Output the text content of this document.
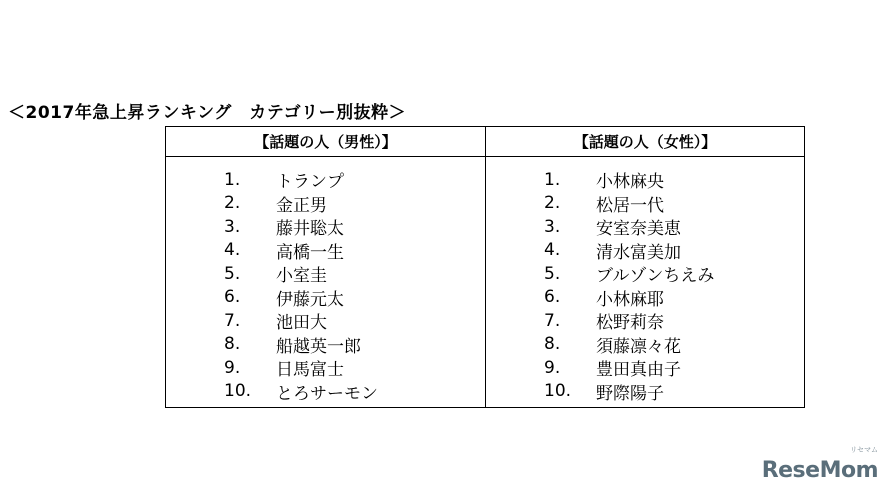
＜2017年急上昇ランキング　カテゴリー別抜粋＞
【話題の人（男性）】
1.	トランプ
2.	金正男
3.	藤井聡太
4.	高橋一生
5.	小室圭
6.	伊藤元太
7.	池田大
8.	船越英一郎
9.	日馬富士
10.	とろサーモン
【話題の人（女性）】
1.	小林麻央
2.	松居一代
3.	安室奈美恵
4.	清水富美加
5.	ブルゾンちえみ
6.	小林麻耶
7.	松野莉奈
8.	須藤凛々花
9.	豊田真由子
10.	野際陽子
リセマム
ReseMom
